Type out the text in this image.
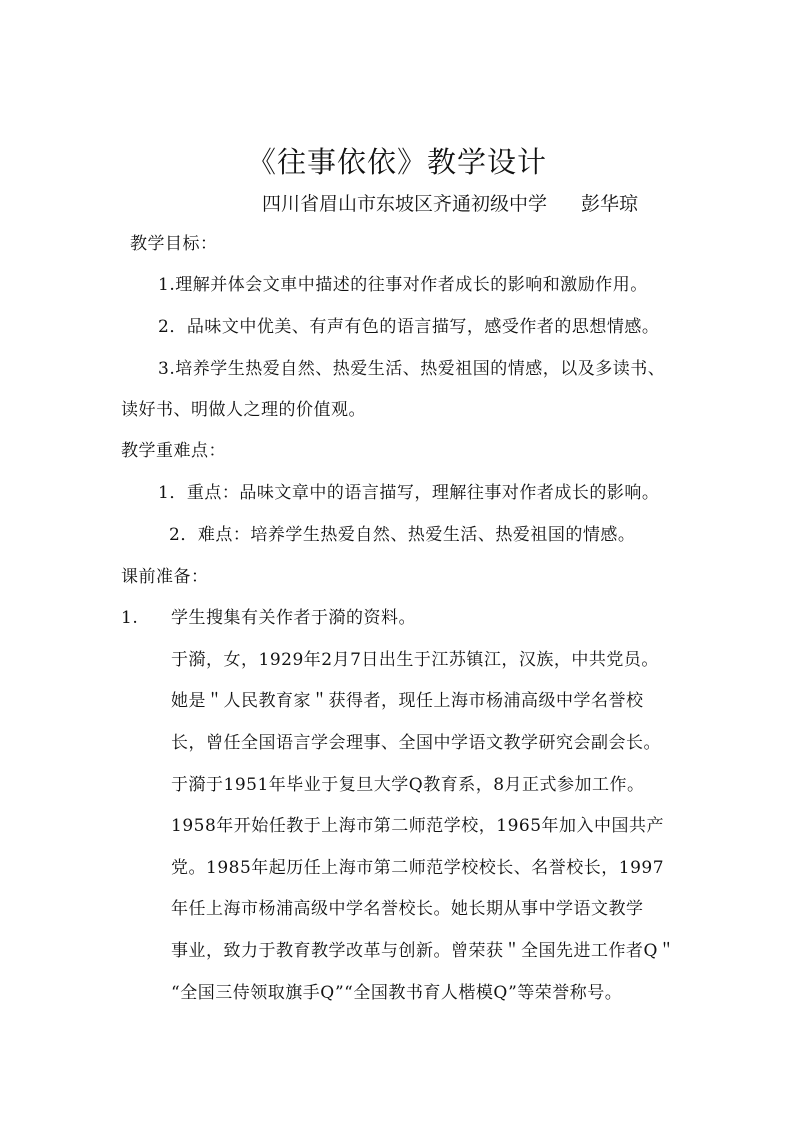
《往事依依》教学设计
四川省眉山市东坡区齐通初级中学 彭华琼
教学目标：
1.理解并体会文車中描述的往事对作者成长的影响和激励作用。
2．品味文中优美、有声有色的语言描写，感受作者的思想情感。
3.培养学生热爱自然、热爱生活、热爱祖国的情感，以及多读书、
读好书、明做人之理的价值观。
教学重难点：
1．重点：品味文章中的语言描写，理解往事对作者成长的影响。
2．难点：培养学生热爱自然、热爱生活、热爱祖国的情感。
课前准备：
1. 学生搜集有关作者于漪的资料。
于漪，女，1929年2月7日出生于江苏镇江，汉族，中共党员。
她是＂人民教育家＂获得者，现任上海市杨浦高级中学名誉校
长，曾任全国语言学会理事、全国中学语文教学研究会副会长。
于漪于1951年毕业于复旦大学Q教育系，8月正式参加工作。
1958年开始任教于上海市第二师范学校，1965年加入中国共产
党。1985年起历任上海市第二师范学校校长、名誉校长，1997
年任上海市杨浦高级中学名誉校长。她长期从事中学语文教学
事业，致力于教育教学改革与创新。曾荣获＂全国先进工作者Q＂
“全国三侍领取旗手Q”“全国教书育人楷模Q”等荣誉称号。
